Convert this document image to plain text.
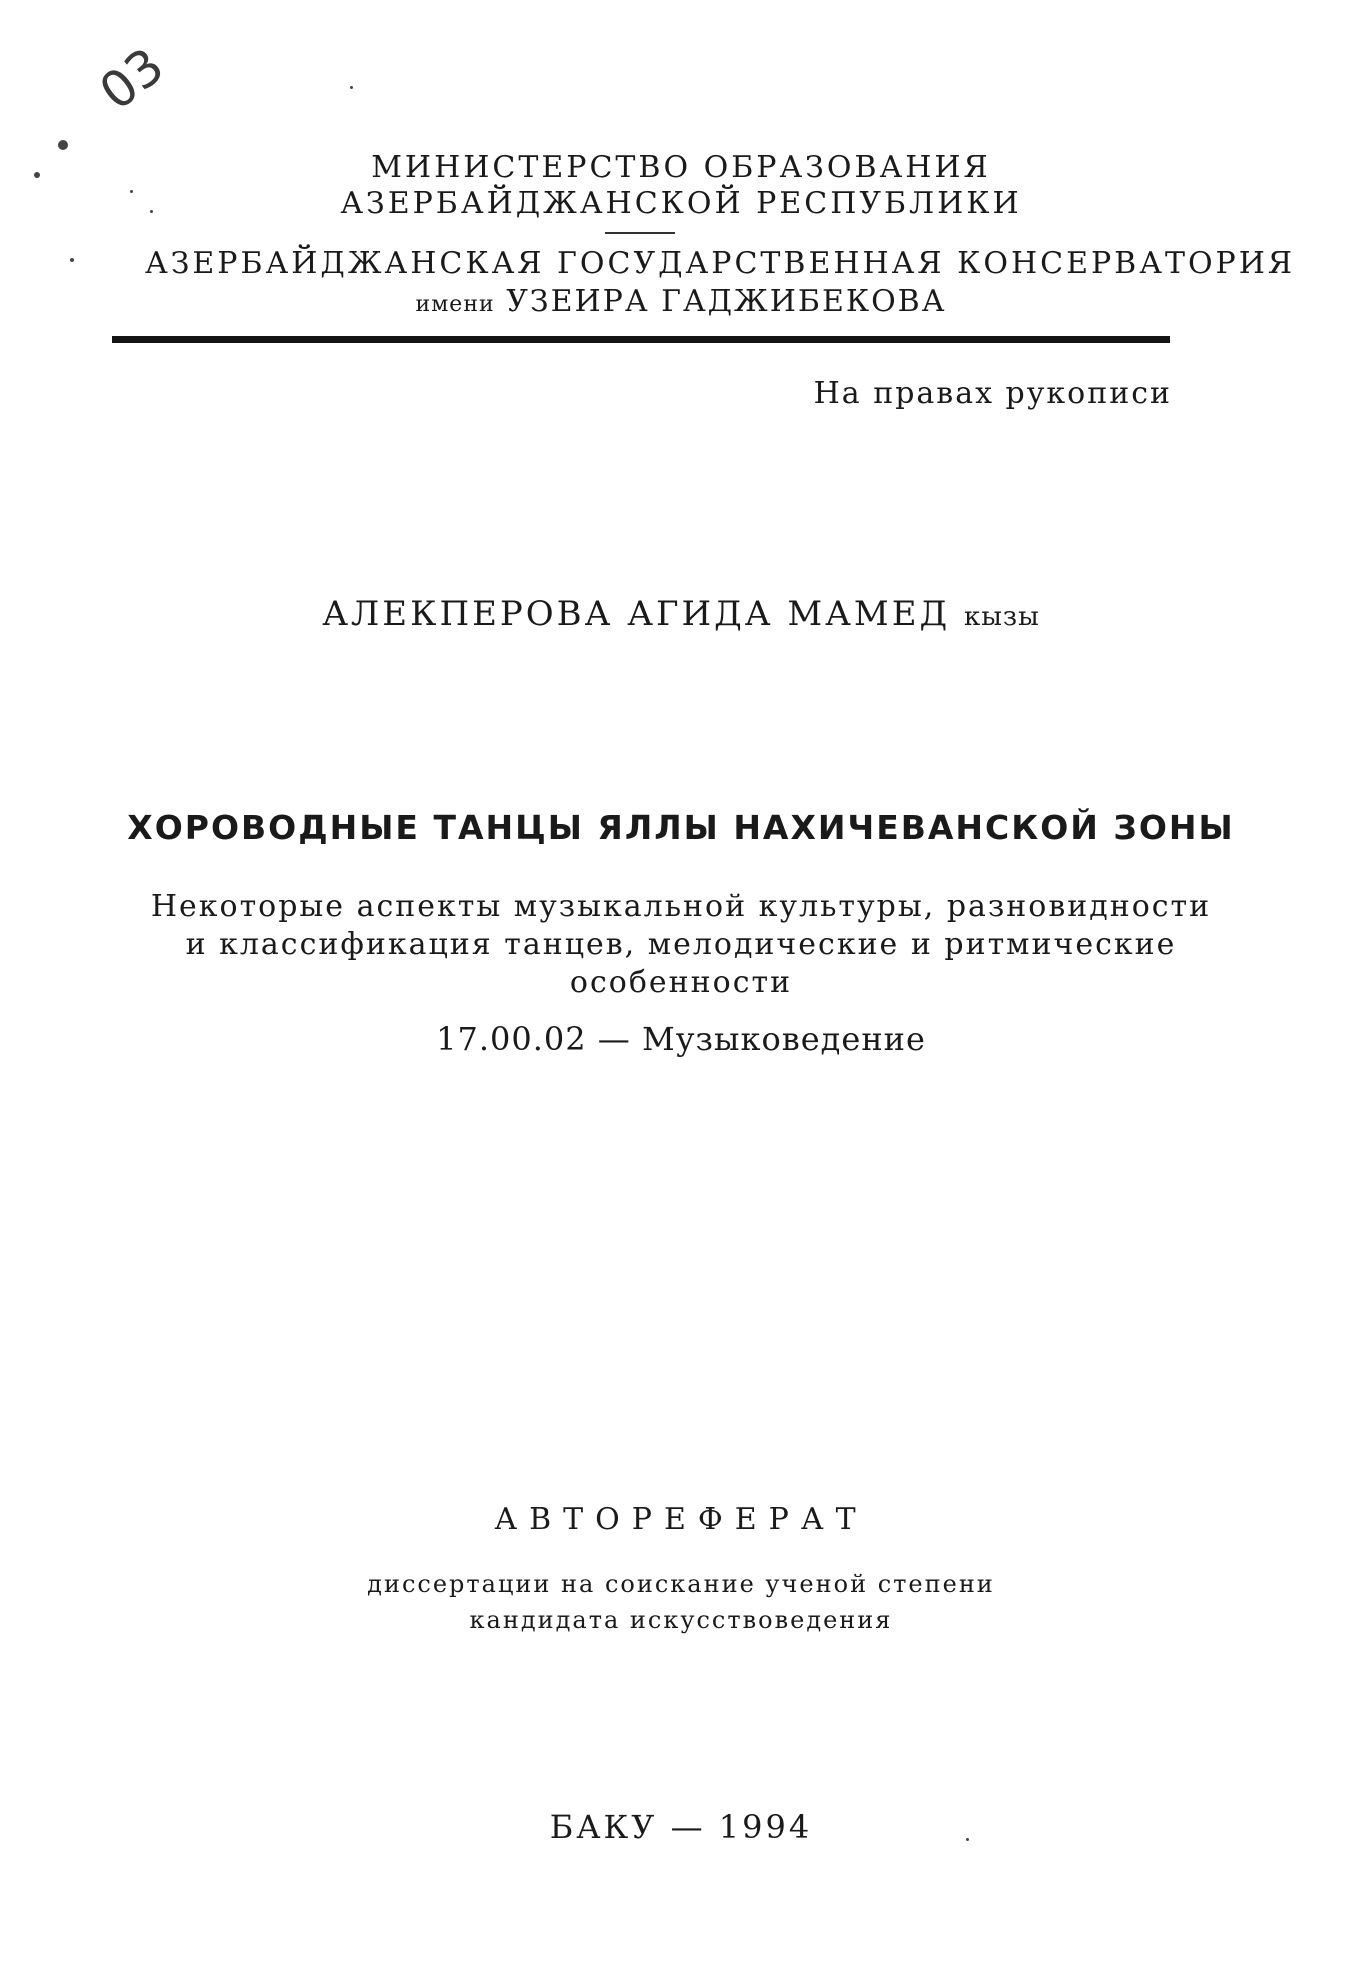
03
МИНИСТЕРСТВО ОБРАЗОВАНИЯ
АЗЕРБАЙДЖАНСКОЙ РЕСПУБЛИКИ
АЗЕРБАЙДЖАНСКАЯ ГОСУДАРСТВЕННАЯ КОНСЕРВАТОРИЯ
имени УЗЕИРА ГАДЖИБЕКОВА
На правах рукописи
АЛЕКПЕРОВА АГИДА МАМЕД кызы
ХОРОВОДНЫЕ ТАНЦЫ ЯЛЛЫ НАХИЧЕВАНСКОЙ ЗОНЫ
Некоторые аспекты музыкальной культуры, разновидности
и классификация танцев, мелодические и ритмические
особенности
17.00.02 — Музыковедение
АВТОРЕФЕРАТ
диссертации на соискание ученой степени
кандидата искусствоведения
БАКУ — 1994
